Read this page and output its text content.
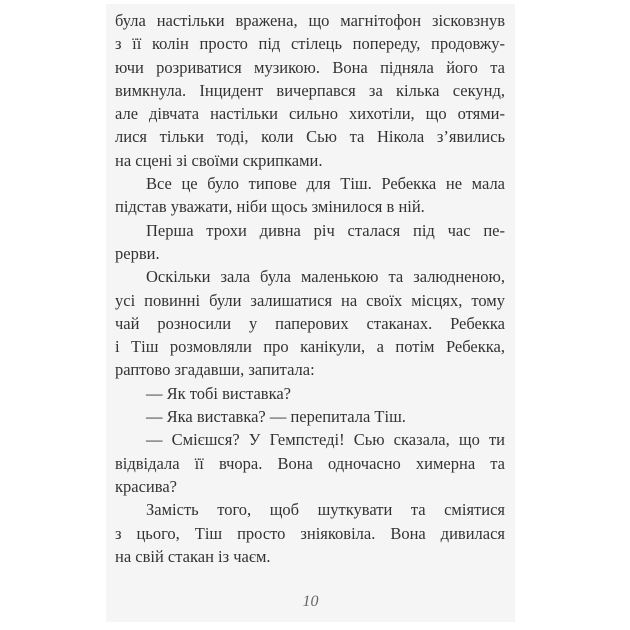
була настільки вражена, що магнітофон зісковзнув
з її колін просто під стілець попереду, продовжу-
ючи розриватися музикою. Вона підняла його та
вимкнула. Інцидент вичерпався за кілька секунд,
але дівчата настільки сильно хихотіли, що отями-
лися тільки тоді, коли Сью та Нікола з’явились
на сцені зі своїми скрипками.
Все це було типове для Тіш. Ребекка не мала
підстав уважати, ніби щось змінилося в ній.
Перша трохи дивна річ сталася під час пе-
рерви.
Оскільки зала була маленькою та залюдненою,
усі повинні були залишатися на своїх місцях, тому
чай розносили у паперових стаканах. Ребекка
і Тіш розмовляли про канікули, а потім Ребекка,
раптово згадавши, запитала:
— Як тобі виставка?
— Яка виставка? — перепитала Тіш.
— Смієшся? У Гемпстеді! Сью сказала, що ти
відвідала її вчора. Вона одночасно химерна та
красива?
Замість того, щоб шуткувати та сміятися
з цього, Тіш просто зніяковіла. Вона дивилася
на свій стакан із чаєм.
10
